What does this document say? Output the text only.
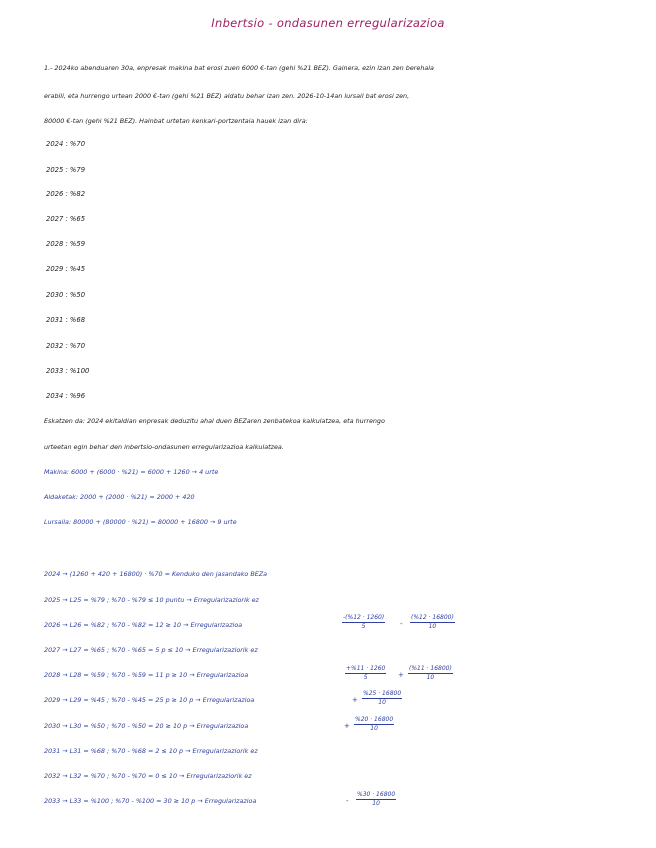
Inbertsio - ondasunen erregularizazioa
1.- 2024ko abenduaren 30a, enpresak makina bat erosi zuen 6000 €-tan (gehi %21 BEZ). Gainera, ezin izan zen berehala
erabili, eta hurrengo urtean 2000 €-tan (gehi %21 BEZ) aldatu behar izan zen. 2026-10-14an lursail bat erosi zen,
80000 €-tan (gehi %21 BEZ). Hainbat urtetan kenkari-portzentaia hauek izan dira:
2024 : %70
2025 : %79
2026 : %82
2027 : %65
2028 : %59
2029 : %45
2030 : %50
2031 : %68
2032 : %70
2033 : %100
2034 : %96
Eskatzen da: 2024 ekitaldian enpresak deduzitu ahal duen BEZaren zenbatekoa kalkulatzea, eta hurrengo
urteetan egin behar den inbertsio-ondasunen erregularizazioa kalkulatzea.
Makina: 6000 + (6000 · %21) = 6000 + 1260 → 4 urte
Aldaketak: 2000 + (2000 · %21) = 2000 + 420
Lursaila: 80000 + (80000 · %21) = 80000 + 16800 → 9 urte
2024 → (1260 + 420 + 16800) · %70 = Kenduko den jasandako BEZa
2025 → L25 = %79 ; %70 - %79 ≤ 10 puntu → Erregularizaziorik ez
2026 → L26 = %82 ; %70 - %82 = 12 ≥ 10 → Erregularizazioa	$\frac{-(\%12 \cdot 1260)}{5} - \frac{(\%12 \cdot 16800)}{10}$
2027 → L27 = %65 ; %70 - %65 = 5 p ≤ 10 → Erregularizaziorik ez
2028 → L28 = %59 ; %70 - %59 = 11 p ≥ 10 → Erregularizazioa	$\frac{+\%11 \cdot 1260}{5} + \frac{(\%11 \cdot 16800)}{10}$
2029 → L29 = %45 ; %70 - %45 = 25 p ≥ 10 p → Erregularizazioa	+ $\frac{\%25 \cdot 16800}{10}$
2030 → L30 = %50 ; %70 - %50 = 20 ≥ 10 p → Erregularizazioa	+ $\frac{\%20 \cdot 16800}{10}$
2031 → L31 = %68 ; %70 - %68 = 2 ≤ 10 p → Erregularizaziorik ez
2032 → L32 = %70 ; %70 - %70 = 0 ≤ 10 → Erregularizaziorik ez
2033 → L33 = %100 ; %70 - %100 = 30 ≥ 10 p → Erregularizazioa	- $\frac{\%30 \cdot 16800}{10}$
